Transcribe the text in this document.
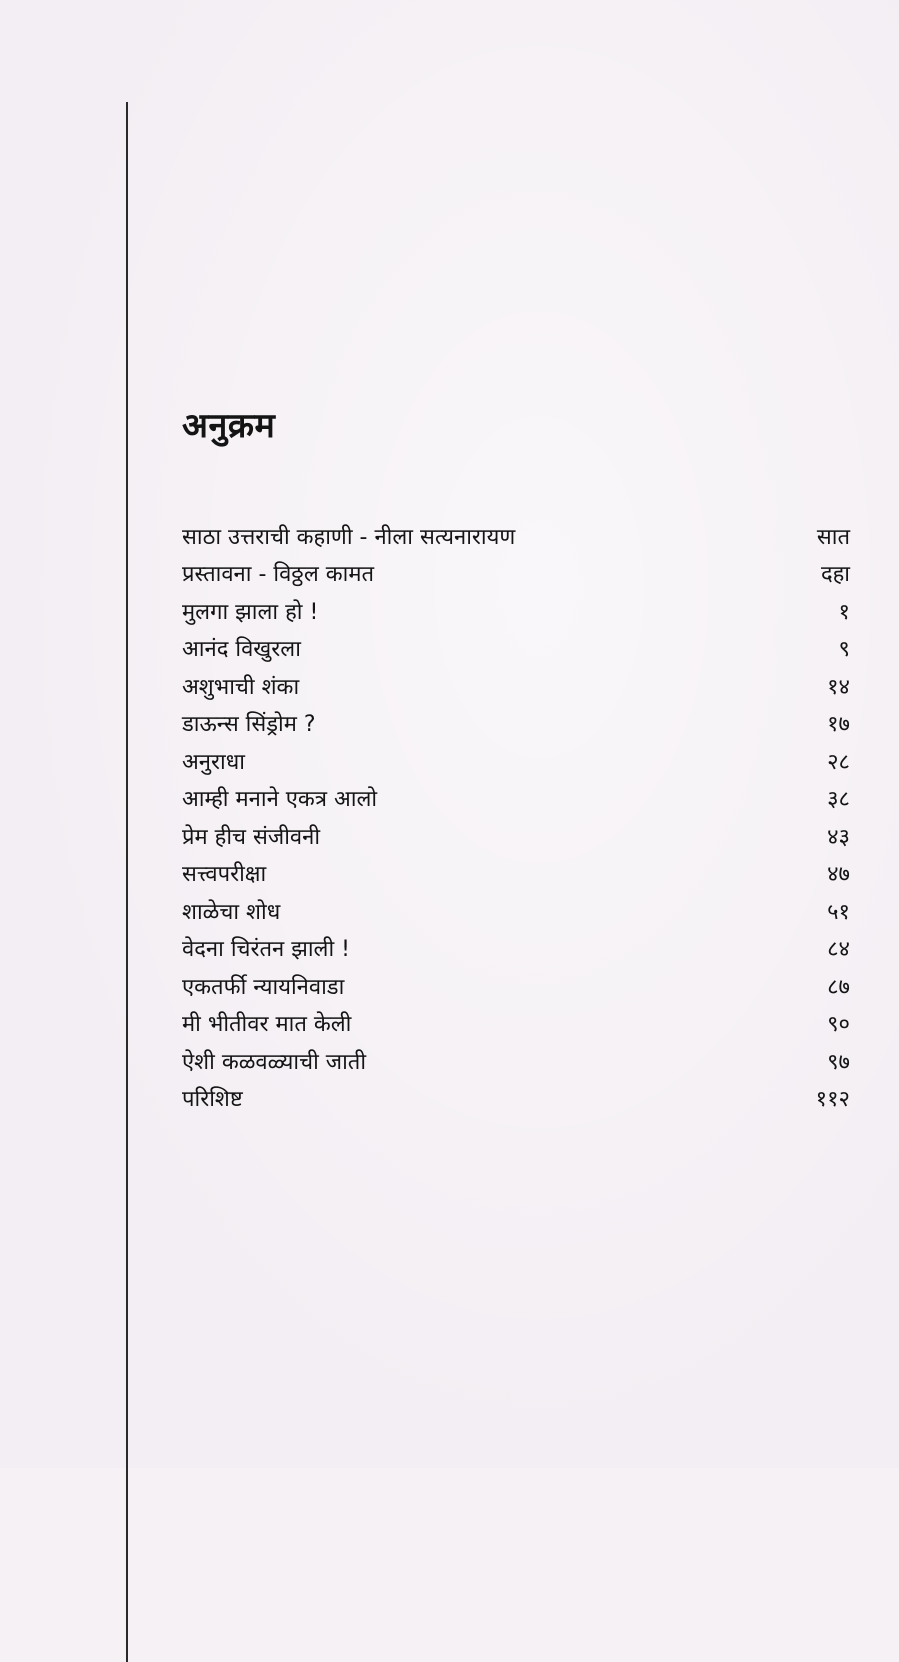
अनुक्रम
साठा उत्तराची कहाणी - नीला सत्यनारायण	सात
प्रस्तावना - विठ्ठल कामत	दहा
मुलगा झाला हो !	१
आनंद विखुरला	९
अशुभाची शंका	१४
डाऊन्स सिंड्रोम ?	१७
अनुराधा	२८
आम्ही मनाने एकत्र आलो	३८
प्रेम हीच संजीवनी	४३
सत्त्वपरीक्षा	४७
शाळेचा शोध	५१
वेदना चिरंतन झाली !	८४
एकतर्फी न्यायनिवाडा	८७
मी भीतीवर मात केली	९०
ऐशी कळवळ्याची जाती	९७
परिशिष्ट	११२
